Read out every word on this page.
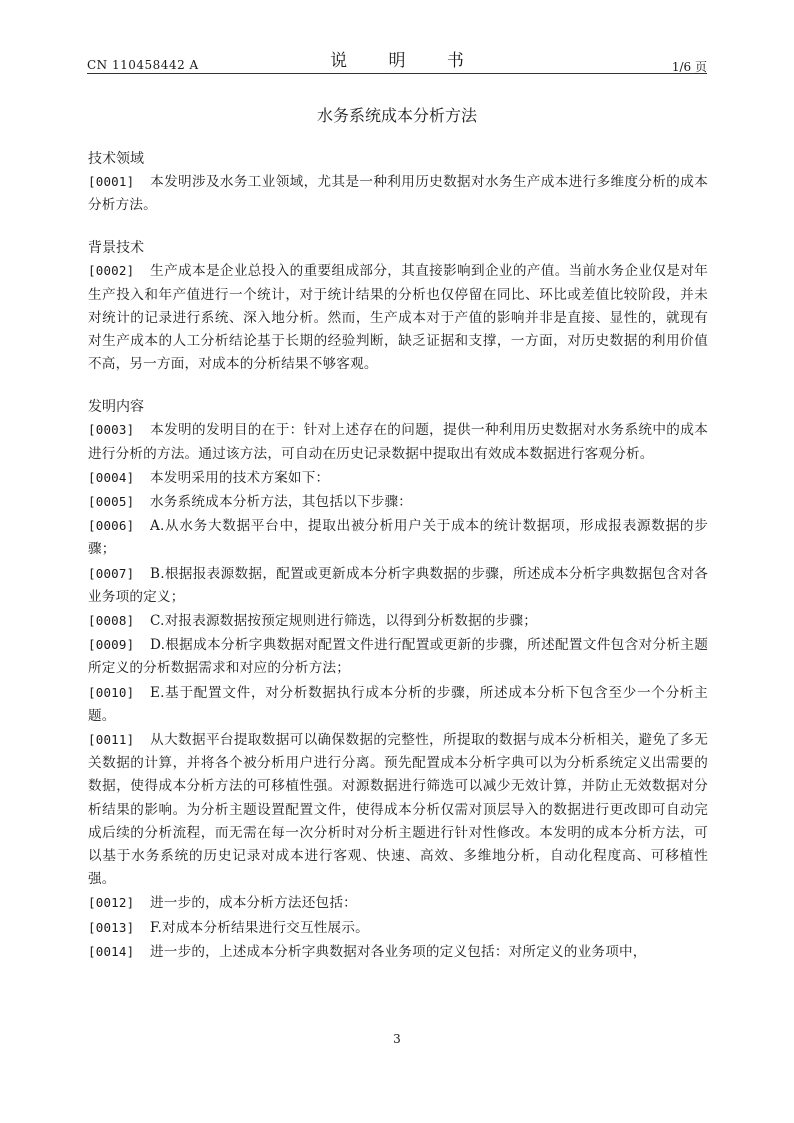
CN 110458442 A	说 明 书	1/6 页
水务系统成本分析方法
技术领域

[0001] 本发明涉及水务工业领域，尤其是一种利用历史数据对水务生产成本进行多维度分析的成本分析方法。

背景技术

[0002] 生产成本是企业总投入的重要组成部分，其直接影响到企业的产值。当前水务企业仅是对年生产投入和年产值进行一个统计，对于统计结果的分析也仅停留在同比、环比或差值比较阶段，并未对统计的记录进行系统、深入地分析。然而，生产成本对于产值的影响并非是直接、显性的，就现有对生产成本的人工分析结论基于长期的经验判断，缺乏证据和支撑，一方面，对历史数据的利用价值不高，另一方面，对成本的分析结果不够客观。

发明内容

[0003] 本发明的发明目的在于：针对上述存在的问题，提供一种利用历史数据对水务系统中的成本进行分析的方法。通过该方法，可自动在历史记录数据中提取出有效成本数据进行客观分析。

[0004] 本发明采用的技术方案如下：

[0005] 水务系统成本分析方法，其包括以下步骤：

[0006] A.从水务大数据平台中，提取出被分析用户关于成本的统计数据项，形成报表源数据的步骤；

[0007] B.根据报表源数据，配置或更新成本分析字典数据的步骤，所述成本分析字典数据包含对各业务项的定义；

[0008] C.对报表源数据按预定规则进行筛选，以得到分析数据的步骤；

[0009] D.根据成本分析字典数据对配置文件进行配置或更新的步骤，所述配置文件包含对分析主题所定义的分析数据需求和对应的分析方法；

[0010] E.基于配置文件，对分析数据执行成本分析的步骤，所述成本分析下包含至少一个分析主题。

[0011] 从大数据平台提取数据可以确保数据的完整性，所提取的数据与成本分析相关，避免了多无关数据的计算，并将各个被分析用户进行分离。预先配置成本分析字典可以为分析系统定义出需要的数据，使得成本分析方法的可移植性强。对源数据进行筛选可以减少无效计算，并防止无效数据对分析结果的影响。为分析主题设置配置文件，使得成本分析仅需对顶层导入的数据进行更改即可自动完成后续的分析流程，而无需在每一次分析时对分析主题进行针对性修改。本发明的成本分析方法，可以基于水务系统的历史记录对成本进行客观、快速、高效、多维地分析，自动化程度高、可移植性强。

[0012] 进一步的，成本分析方法还包括：

[0013] F.对成本分析结果进行交互性展示。

[0014] 进一步的，上述成本分析字典数据对各业务项的定义包括：对所定义的业务项中，

3
